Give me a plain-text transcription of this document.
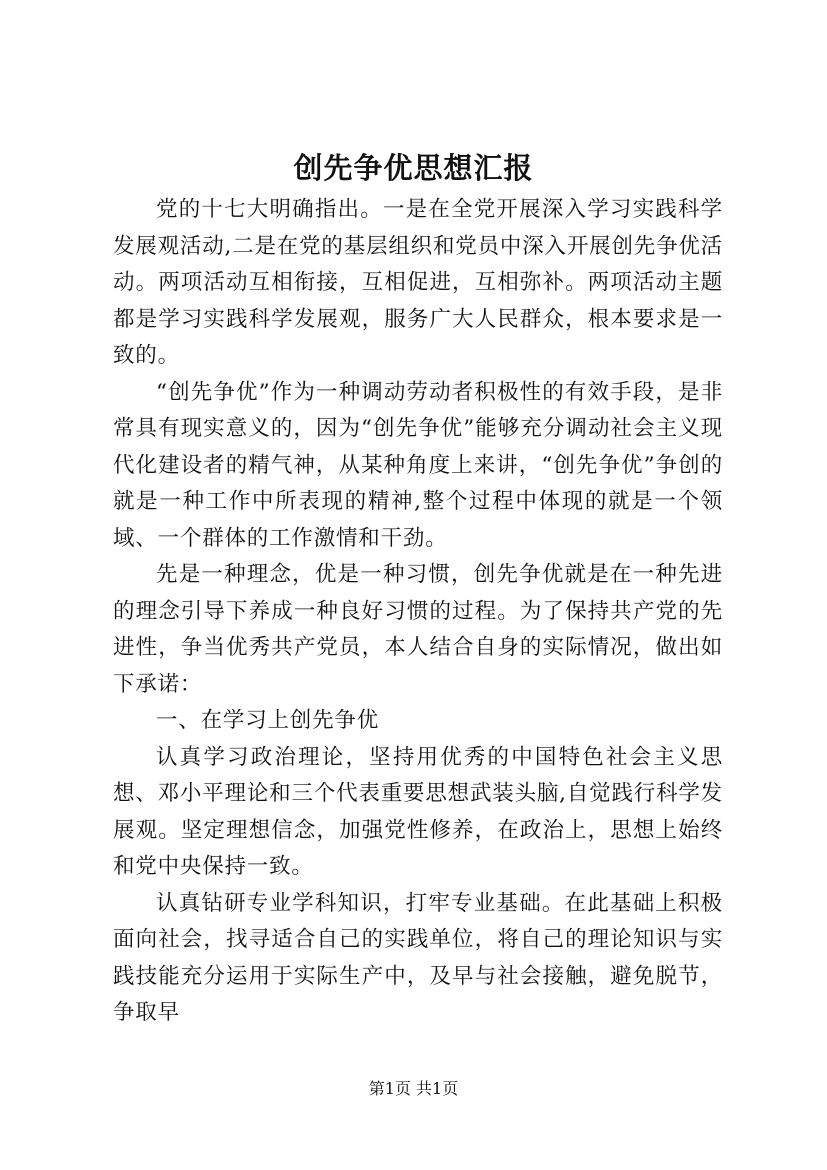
创先争优思想汇报

党的十七大明确指出。一是在全党开展深入学习实践科学发展观活动,二是在党的基层组织和党员中深入开展创先争优活动。两项活动互相衔接，互相促进，互相弥补。两项活动主题都是学习实践科学发展观，服务广大人民群众，根本要求是一致的。

“创先争优”作为一种调动劳动者积极性的有效手段，是非常具有现实意义的，因为“创先争优”能够充分调动社会主义现代化建设者的精气神，从某种角度上来讲，“创先争优”争创的就是一种工作中所表现的精神,整个过程中体现的就是一个领域、一个群体的工作激情和干劲。

先是一种理念，优是一种习惯，创先争优就是在一种先进的理念引导下养成一种良好习惯的过程。为了保持共产党的先进性，争当优秀共产党员，本人结合自身的实际情况，做出如下承诺：

一、在学习上创先争优

认真学习政治理论，坚持用优秀的中国特色社会主义思想、邓小平理论和三个代表重要思想武装头脑,自觉践行科学发展观。坚定理想信念，加强党性修养，在政治上，思想上始终和党中央保持一致。

认真钻研专业学科知识，打牢专业基础。在此基础上积极面向社会，找寻适合自己的实践单位，将自己的理论知识与实践技能充分运用于实际生产中，及早与社会接触，避免脱节，争取早

第1页 共1页
